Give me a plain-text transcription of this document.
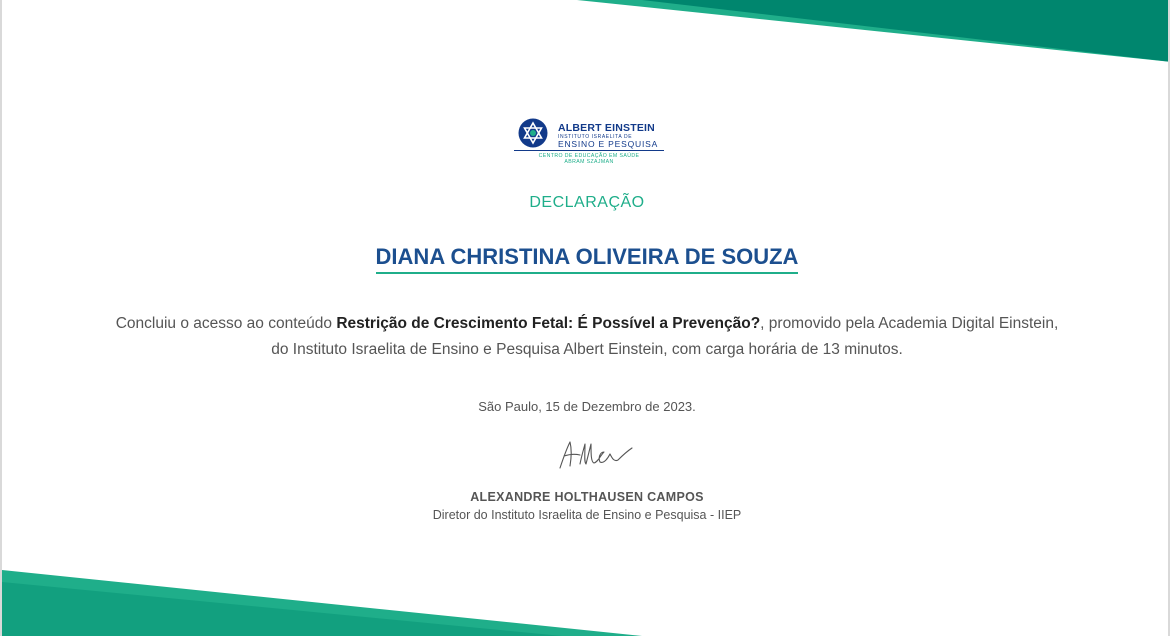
ALBERT EINSTEIN
INSTITUTO ISRAELITA DE
ENSINO E PESQUISA
CENTRO DE EDUCAÇÃO EM SAÚDE
ABRAM SZAJMAN
DECLARAÇÃO
DIANA CHRISTINA OLIVEIRA DE SOUZA
Concluiu o acesso ao conteúdo Restrição de Crescimento Fetal: É Possível a Prevenção?, promovido pela Academia Digital Einstein, do Instituto Israelita de Ensino e Pesquisa Albert Einstein, com carga horária de 13 minutos.
São Paulo, 15 de Dezembro de 2023.
ALEXANDRE HOLTHAUSEN CAMPOS
Diretor do Instituto Israelita de Ensino e Pesquisa - IIEP
